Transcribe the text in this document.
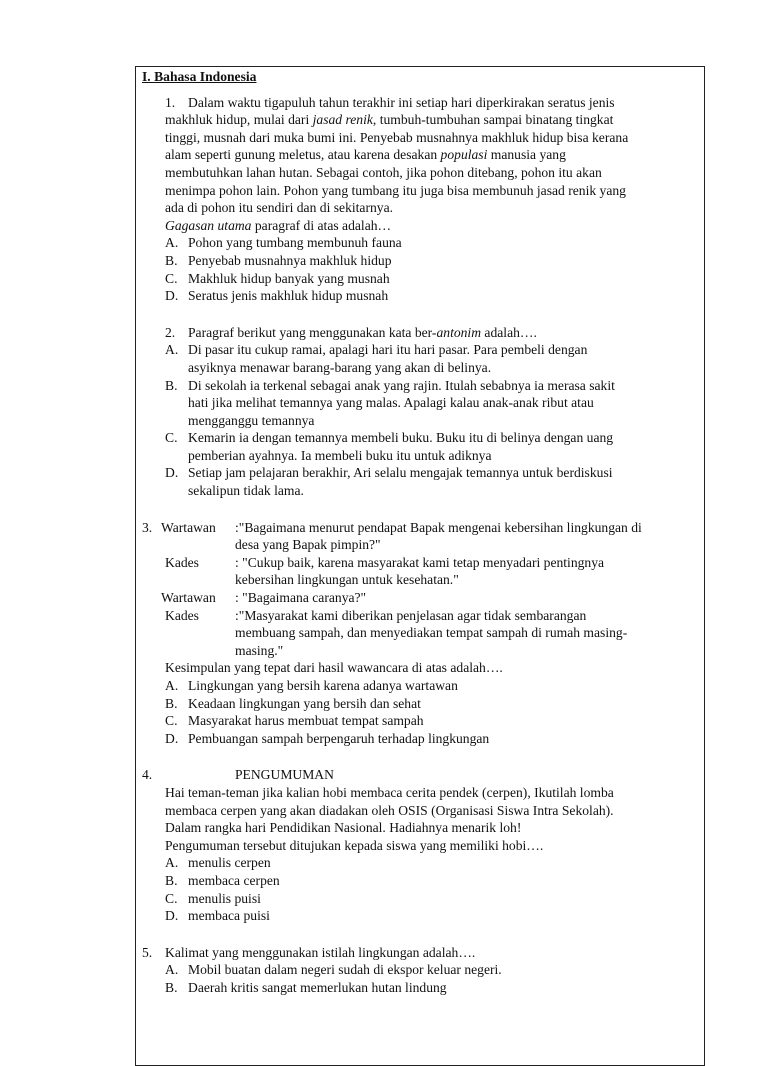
I. Bahasa Indonesia

1. Dalam waktu tigapuluh tahun terakhir ini setiap hari diperkirakan seratus jenis
makhluk hidup, mulai dari jasad renik, tumbuh-tumbuhan sampai binatang tingkat
tinggi, musnah dari muka bumi ini. Penyebab musnahnya makhluk hidup bisa kerana
alam seperti gunung meletus, atau karena desakan populasi manusia yang
membutuhkan lahan hutan. Sebagai contoh, jika pohon ditebang, pohon itu akan
menimpa pohon lain. Pohon yang tumbang itu juga bisa membunuh jasad renik yang
ada di pohon itu sendiri dan di sekitarnya.
Gagasan utama paragraf di atas adalah…
A. Pohon yang tumbang membunuh fauna
B. Penyebab musnahnya makhluk hidup
C. Makhluk hidup banyak yang musnah
D. Seratus jenis makhluk hidup musnah
2. Paragraf berikut yang menggunakan kata ber-antonim adalah….
A. Di pasar itu cukup ramai, apalagi hari itu hari pasar. Para pembeli dengan
asyiknya menawar barang-barang yang akan di belinya.
B. Di sekolah ia terkenal sebagai anak yang rajin. Itulah sebabnya ia merasa sakit
hati jika melihat temannya yang malas. Apalagi kalau anak-anak ribut atau
mengganggu temannya
C. Kemarin ia dengan temannya membeli buku. Buku itu di belinya dengan uang
pemberian ayahnya. Ia membeli buku itu untuk adiknya
D. Setiap jam pelajaran berakhir, Ari selalu mengajak temannya untuk berdiskusi
sekalipun tidak lama.
3. Wartawan	:"Bagaimana menurut pendapat Bapak mengenai kebersihan lingkungan di
desa yang Bapak pimpin?"
Kades	: "Cukup baik, karena masyarakat kami tetap menyadari pentingnya
kebersihan lingkungan untuk kesehatan."
Wartawan	: "Bagaimana caranya?"
Kades	:"Masyarakat kami diberikan penjelasan agar tidak sembarangan
membuang sampah, dan menyediakan tempat sampah di rumah masing-
masing."
Kesimpulan yang tepat dari hasil wawancara di atas adalah….
A. Lingkungan yang bersih karena adanya wartawan
B. Keadaan lingkungan yang bersih dan sehat
C. Masyarakat harus membuat tempat sampah
D. Pembuangan sampah berpengaruh terhadap lingkungan
4.	PENGUMUMAN
Hai teman-teman jika kalian hobi membaca cerita pendek (cerpen), Ikutilah lomba
membaca cerpen yang akan diadakan oleh OSIS (Organisasi Siswa Intra Sekolah).
Dalam rangka hari Pendidikan Nasional. Hadiahnya menarik loh!
Pengumuman tersebut ditujukan kepada siswa yang memiliki hobi….
A. menulis cerpen
B. membaca cerpen
C. menulis puisi
D. membaca puisi
5. Kalimat yang menggunakan istilah lingkungan adalah….
A. Mobil buatan dalam negeri sudah di ekspor keluar negeri.
B. Daerah kritis sangat memerlukan hutan lindung
